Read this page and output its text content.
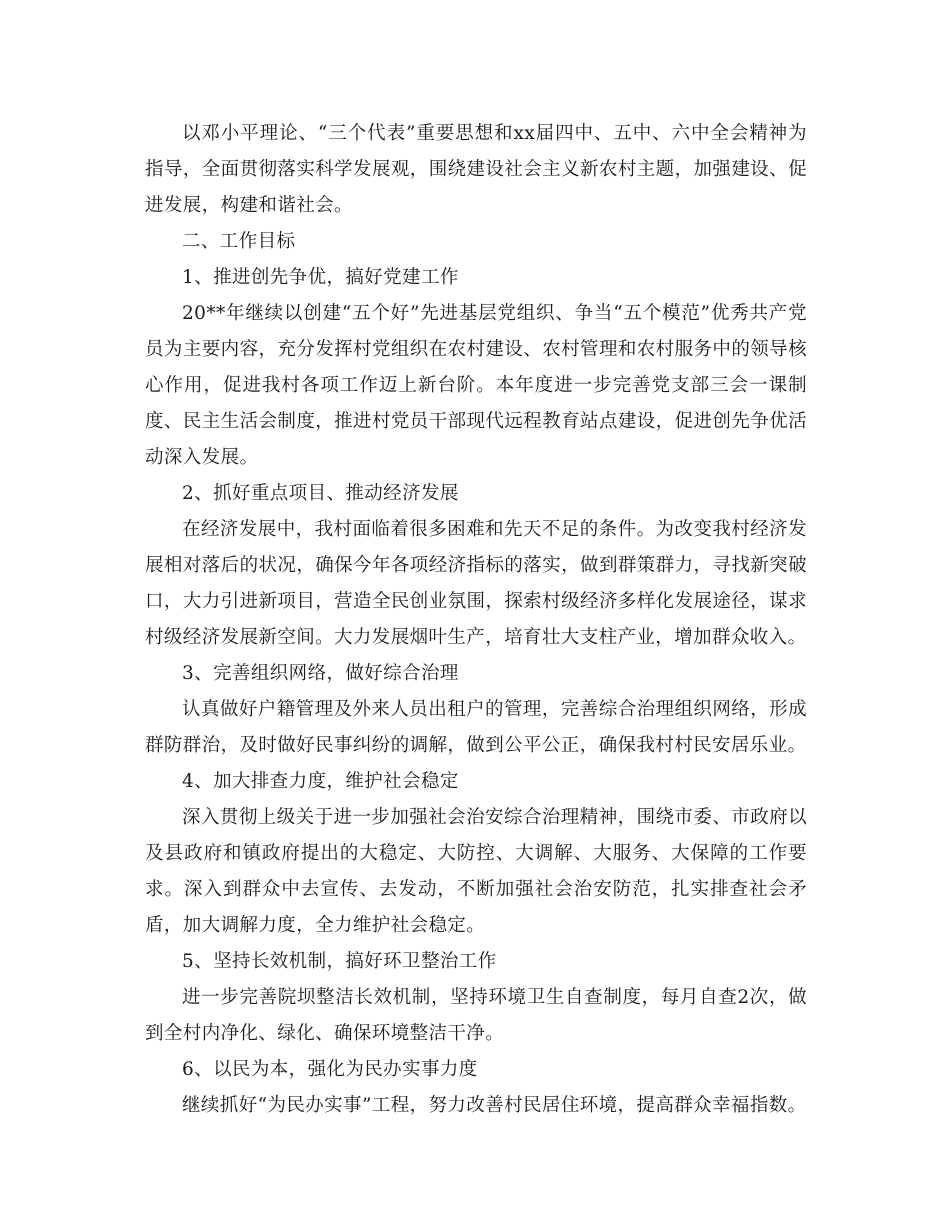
以邓小平理论、“三个代表”重要思想和xx届四中、五中、六中全会精神为指导，全面贯彻落实科学发展观，围绕建设社会主义新农村主题，加强建设、促进发展，构建和谐社会。

二、工作目标

1、推进创先争优，搞好党建工作

20**年继续以创建“五个好”先进基层党组织、争当“五个模范”优秀共产党员为主要内容，充分发挥村党组织在农村建设、农村管理和农村服务中的领导核心作用，促进我村各项工作迈上新台阶。本年度进一步完善党支部三会一课制度、民主生活会制度，推进村党员干部现代远程教育站点建设，促进创先争优活动深入发展。

2、抓好重点项目、推动经济发展

在经济发展中，我村面临着很多困难和先天不足的条件。为改变我村经济发展相对落后的状况，确保今年各项经济指标的落实，做到群策群力，寻找新突破口，大力引进新项目，营造全民创业氛围，探索村级经济多样化发展途径，谋求村级经济发展新空间。大力发展烟叶生产，培育壮大支柱产业，增加群众收入。

3、完善组织网络，做好综合治理

认真做好户籍管理及外来人员出租户的管理，完善综合治理组织网络，形成群防群治，及时做好民事纠纷的调解，做到公平公正，确保我村村民安居乐业。

4、加大排查力度，维护社会稳定

深入贯彻上级关于进一步加强社会治安综合治理精神，围绕市委、市政府以及县政府和镇政府提出的大稳定、大防控、大调解、大服务、大保障的工作要求。深入到群众中去宣传、去发动，不断加强社会治安防范，扎实排查社会矛盾，加大调解力度，全力维护社会稳定。

5、坚持长效机制，搞好环卫整治工作

进一步完善院坝整洁长效机制，坚持环境卫生自查制度，每月自查2次，做到全村内净化、绿化、确保环境整洁干净。

6、以民为本，强化为民办实事力度

继续抓好“为民办实事”工程，努力改善村民居住环境，提高群众幸福指数。
